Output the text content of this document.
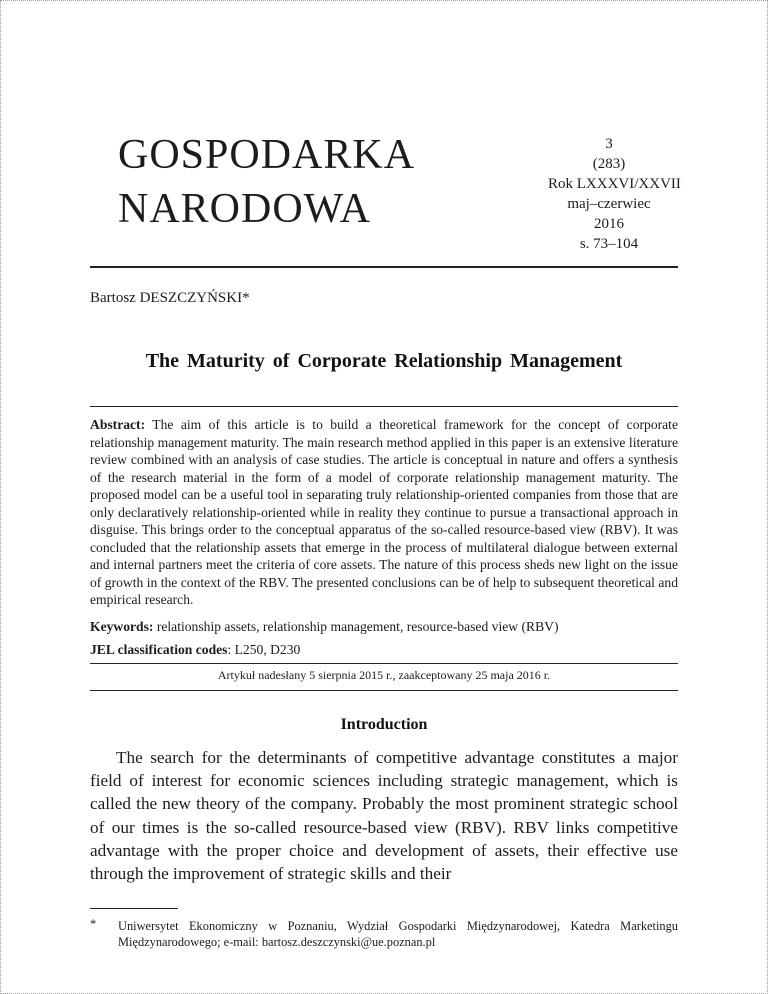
GOSPODARKA
NARODOWA
3
(283)
Rok LXXXVI/XXVII
maj–czerwiec
2016
s. 73–104
Bartosz DESZCZYŃSKI*
The Maturity of Corporate Relationship Management
Abstract: The aim of this article is to build a theoretical framework for the concept of corporate relationship management maturity. The main research method applied in this paper is an extensive literature review combined with an analysis of case studies. The article is conceptual in nature and offers a synthesis of the research material in the form of a model of corporate relationship management maturity. The proposed model can be a useful tool in separating truly relationship-oriented companies from those that are only declaratively relationship-oriented while in reality they continue to pursue a transactional approach in disguise. This brings order to the conceptual apparatus of the so-called resource-based view (RBV). It was concluded that the relationship assets that emerge in the process of multilateral dialogue between external and internal partners meet the criteria of core assets. The nature of this process sheds new light on the issue of growth in the context of the RBV. The presented conclusions can be of help to subsequent theoretical and empirical research.
Keywords: relationship assets, relationship management, resource-based view (RBV)
JEL classification codes: L250, D230
Artykuł nadesłany 5 sierpnia 2015 r., zaakceptowany 25 maja 2016 r.
Introduction
The search for the determinants of competitive advantage constitutes a major field of interest for economic sciences including strategic management, which is called the new theory of the company. Probably the most prominent strategic school of our times is the so-called resource-based view (RBV). RBV links competitive advantage with the proper choice and development of assets, their effective use through the improvement of strategic skills and their
* Uniwersytet Ekonomiczny w Poznaniu, Wydział Gospodarki Międzynarodowej, Katedra Marketingu Międzynarodowego; e-mail: bartosz.deszczynski@ue.poznan.pl
